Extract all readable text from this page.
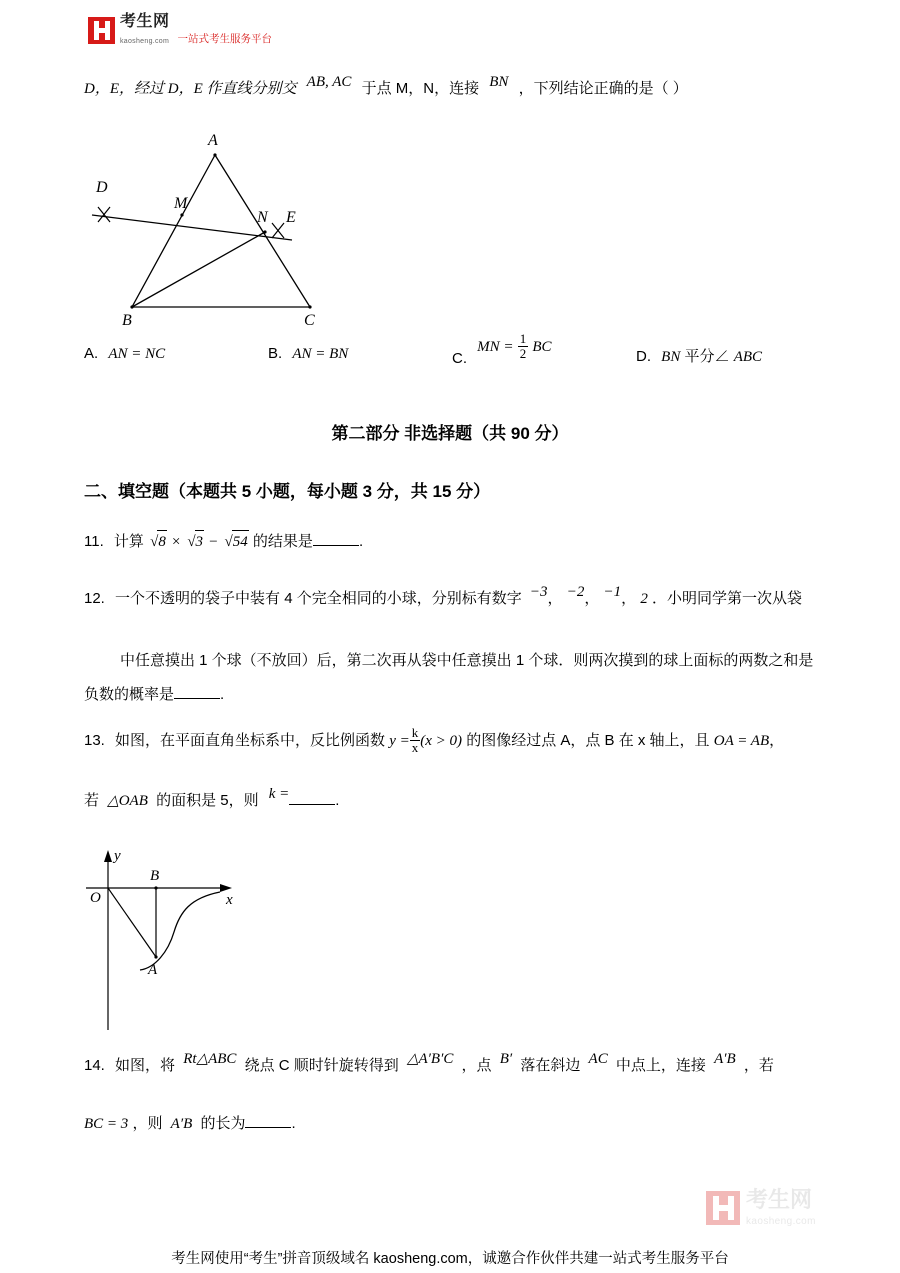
考生网
kaosheng.com 一站式考生服务平台
D，E，经过 D，E 作直线分别交 AB, AC 于点 M，N，连接 BN ，下列结论正确的是（ ）
A
B	C
D
E
M
N
A. AN = NC	B. AN = BN	C. MN = $\frac{1}{2}$ BC
D. BN 平分∠ ABC
第二部分 非选择题（共 90 分）
二、填空题（本题共 5 小题，每小题 3 分，共 15 分）
11. 计算 √8 × √3 − √54 的结果是	.
12. 一个不透明的袋子中装有 4 个完全相同的小球，分别标有数字 −3， −2， −1， 2 ．小明同学第一次从袋
中任意摸出 1 个球（不放回）后，第二次再从袋中任意摸出 1 个球．则两次摸到的球上面标的两数之和是
负数的概率是	.
13. 如图，在平面直角坐标系中，反比例函数 $y = \frac{k}{x} (x > 0)$ 的图像经过点 A，点 B 在 x 轴上，且 OA = AB，
若 △OAB 的面积是 5，则 k =	.
O
y
x
A
B
14. 如图，将 Rt△ABC 绕点 C 顺时针旋转得到 △A′B′C ，点 B′ 落在斜边 AC 中点上，连接 A′B ，若
BC = 3 ，则 A′B 的长为	.
考生网
kaosheng.com
考生网使用“考生”拼音顶级域名 kaosheng.com，诚邀合作伙伴共建一站式考生服务平台
